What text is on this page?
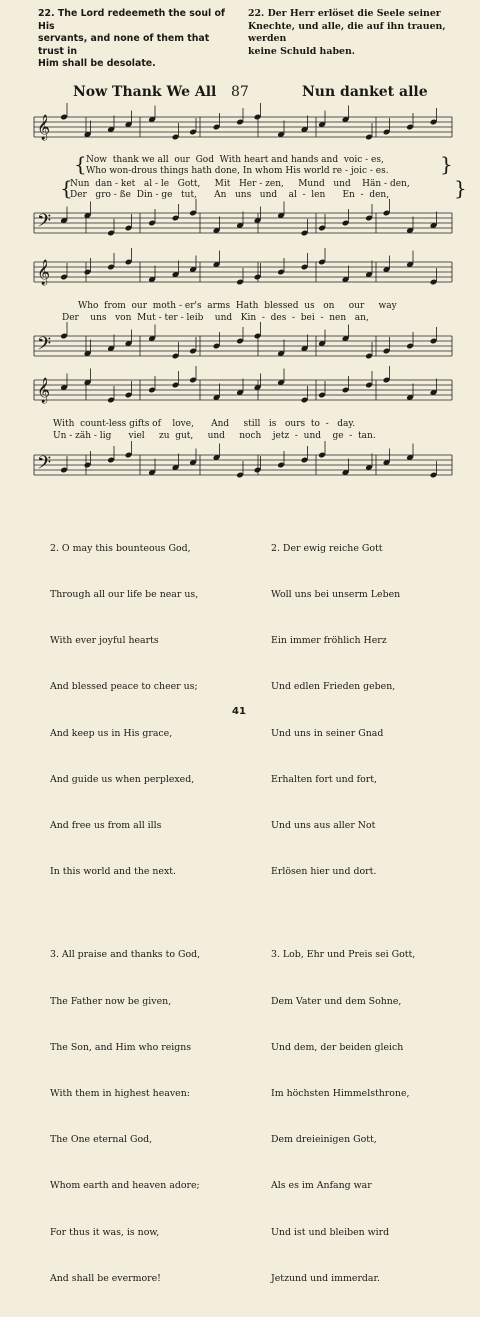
22. The Lord redeemeth the soul of His
servants, and none of them that trust in
Him shall be desolate.
22. Der Herr erlöset die Seele seiner
Knechte, und alle, die auf ihn trauen, werden
keine Schuld haben.
Now Thank We All 87	Nun danket alle
𝄞
𝄢
𝄞
𝄢
𝄞
𝄢
{	}
Now  thank we all  our  God  With heart and hands and  voic - es,
Who won-drous things hath done, In whom His world re - joic - es.
{	}
Nun  dan - ket   al - le   Gott,     Mit   Her - zen,     Mund   und    Hän - den,
Der   gro - ße  Din - ge   tut,      An   uns   und    al  -  len      En  -  den,
Who  from  our  moth - er's  arms  Hath  blessed  us   on     our     way
Der    uns   von  Mut - ter - leib    und   Kin  -  des  -  bei  -  nen   an,
With  count-less gifts of    love,      And     still   is   ours  to  -   day.
Un - zäh - lig      viel     zu  gut,     und     noch    jetz  -  und    ge  -  tan.

2. O may this bounteous God,

Through all our life be near us,

With ever joyful hearts

And blessed peace to cheer us;

And keep us in His grace,

And guide us when perplexed,

And free us from all ills

In this world and the next.

3. All praise and thanks to God,

The Father now be given,

The Son, and Him who reigns

With them in highest heaven:

The One eternal God,

Whom earth and heaven adore;

For thus it was, is now,

And shall be evermore!

2. Der ewig reiche Gott

Woll uns bei unserm Leben

Ein immer fröhlich Herz

Und edlen Frieden geben,

Und uns in seiner Gnad

Erhalten fort und fort,

Und uns aus aller Not

Erlösen hier und dort.

3. Lob, Ehr und Preis sei Gott,

Dem Vater und dem Sohne,

Und dem, der beiden gleich

Im höchsten Himmelsthrone,

Dem dreieinigen Gott,

Als es im Anfang war

Und ist und bleiben wird

Jetzund und immerdar.

41
